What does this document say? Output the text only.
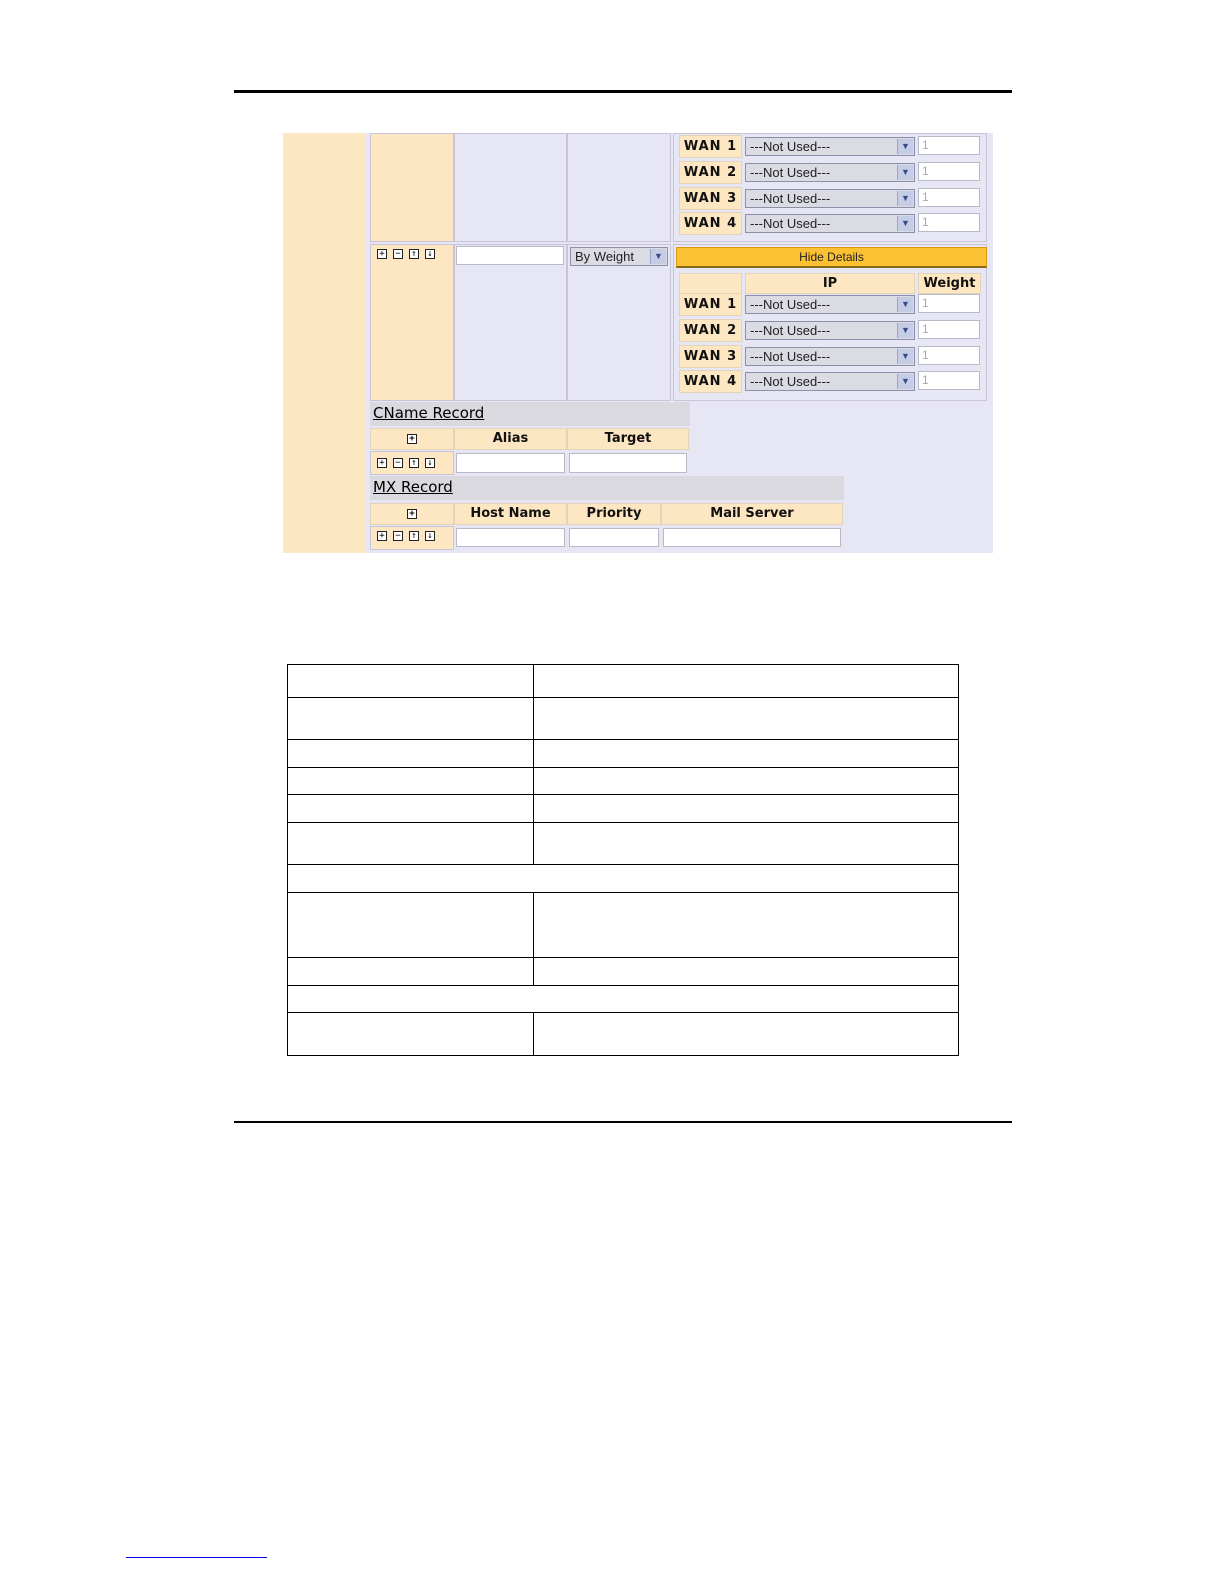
WAN 1 ---Not Used---	▼	1
WAN 2 ---Not Used---	▼	1
WAN 3 ---Not Used---	▼	1
WAN 4 ---Not Used---	▼	1
+ − ↑ ↓	By Weight	▼	Hide Details
IP	Weight
WAN 1 ---Not Used---	▼	1
WAN 2 ---Not Used---	▼	1
WAN 3 ---Not Used---	▼	1
WAN 4 ---Not Used---	▼	1
CName Record
+	Alias	Target
+ − ↑ ↓
MX Record
+	Host Name	Priority	Mail Server
+ − ↑ ↓
